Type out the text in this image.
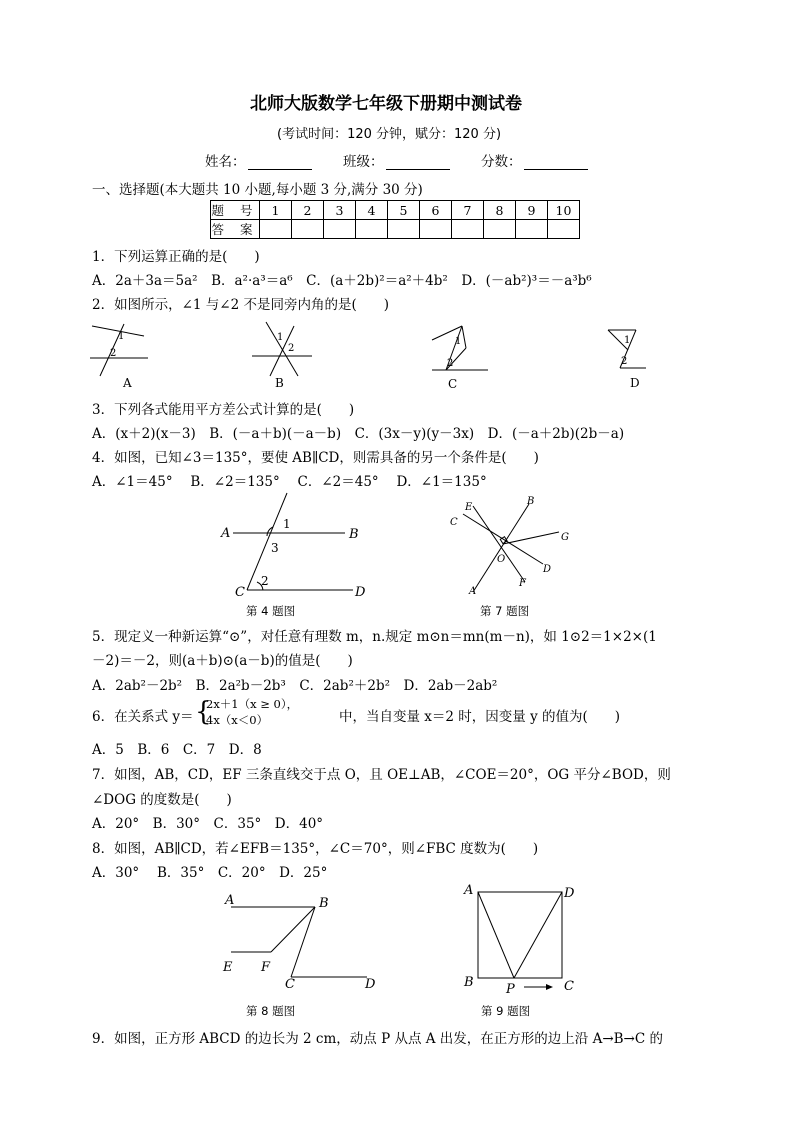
北师大版数学七年级下册期中测试卷
(考试时间：120 分钟，赋分：120 分)
姓名：	班级：	分数：
一、选择题(本大题共 10 小题,每小题 3 分,满分 30 分)
题 号	1	2	3	4	5	6	7	8	9	10
答 案										
1．下列运算正确的是(　　)
A．2a＋3a＝5a²　B．a²·a³＝a⁶　C．(a＋2b)²＝a²＋4b²　D．(－ab²)³＝－a³b⁶
2．如图所示，∠1 与∠2 不是同旁内角的是(　　)
1
2
A
1
2
B
1
2
C
1
2
D
3．下列各式能用平方差公式计算的是(　　)
A．(x＋2)(x－3)　B．(－a＋b)(－a－b)　C．(3x－y)(y－3x)　D．(－a＋2b)(2b－a)
4．如图，已知∠3＝135°，要使 AB∥CD，则需具备的另一个条件是(　　)
A．∠1＝45°　 B．∠2＝135°　 C．∠2＝45°　 D．∠1＝135°
A	B
C	D
1
2
3
第 4 题图
E
B
C
G
O
A
F
D
第 7 题图
5．现定义一种新运算“⊙”，对任意有理数 m，n.规定 m⊙n＝mn(m－n)，如 1⊙2＝1×2×(1
－2)＝－2，则(a＋b)⊙(a－b)的值是(　　)
A．2ab²－2b²　B．2a²b－2b³　C．2ab²＋2b²　D．2ab－2ab²
6．在关系式 y＝ {
2x＋1（x ≥ 0），
4x（x＜0）	中，当自变量 x＝2 时，因变量 y 的值为(　　)
A．5　B．6　C．7　D．8
7．如图，AB，CD，EF 三条直线交于点 O，且 OE⊥AB，∠COE＝20°，OG 平分∠BOD，则
∠DOG 的度数是(　　)
A．20°　B．30°　C．35°　D．40°
8．如图，AB∥CD，若∠EFB＝135°，∠C＝70°，则∠FBC 度数为(　　)
A．30°　 B．35°　C．20°　D．25°
A	B
E F
C	D
第 8 题图
A	D
B P	C
第 9 题图
9．如图，正方形 ABCD 的边长为 2 cm，动点 P 从点 A 出发，在正方形的边上沿 A→B→C 的
